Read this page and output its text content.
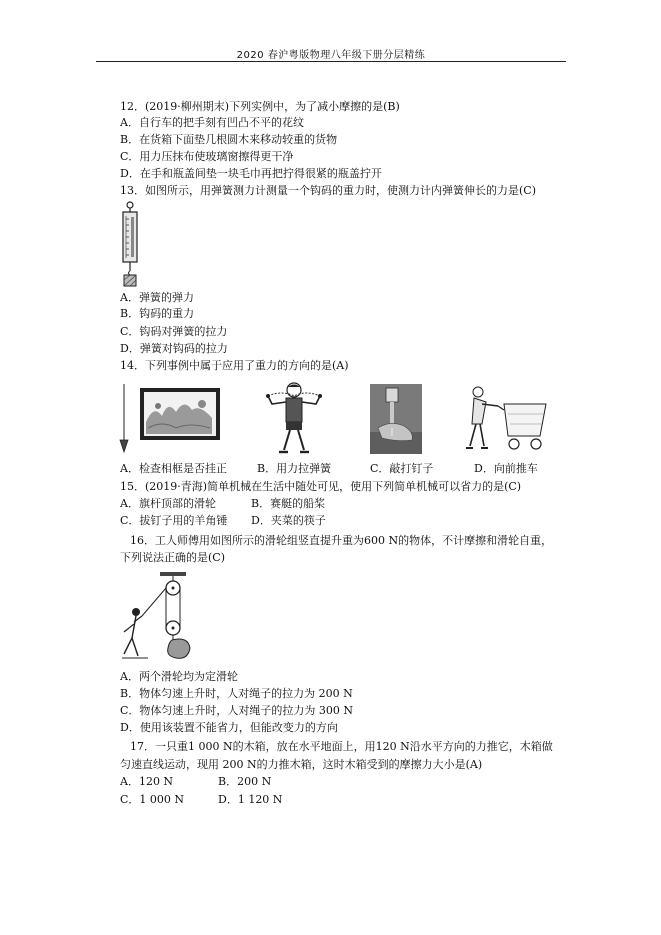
2020 春沪粤版物理八年级下册分层精练
12．(2019·柳州期末)下列实例中，为了减小摩擦的是(B)
A．自行车的把手刻有凹凸不平的花纹
B．在货箱下面垫几根圆木来移动较重的货物
C．用力压抹布使玻璃窗擦得更干净
D．在手和瓶盖间垫一块毛巾再把拧得很紧的瓶盖拧开
13．如图所示，用弹簧测力计测量一个钩码的重力时，使测力计内弹簧伸长的力是(C)
A．弹簧的弹力
B．钩码的重力
C．钩码对弹簧的拉力
D．弹簧对钩码的拉力
14．下列事例中属于应用了重力的方向的是(A)
A．检查相框是否挂正	B．用力拉弹簧	C．敲打钉子	D．向前推车
15．(2019·青海)简单机械在生活中随处可见，使用下列简单机械可以省力的是(C)
A．旗杆顶部的滑轮	B．赛艇的船桨
C．拔钉子用的羊角锤 D．夹菜的筷子
16．工人师傅用如图所示的滑轮组竖直提升重为600 N的物体，不计摩擦和滑轮自重，
下列说法正确的是(C)
A．两个滑轮均为定滑轮
B．物体匀速上升时，人对绳子的拉力为 200 N
C．物体匀速上升时，人对绳子的拉力为 300 N
D．使用该装置不能省力，但能改变力的方向
17．一只重1 000 N的木箱，放在水平地面上，用120 N沿水平方向的力推它，木箱做
匀速直线运动，现用 200 N的力推木箱，这时木箱受到的摩擦力大小是(A)
A．120 N	B．200 N
C．1 000 N	D．1 120 N
